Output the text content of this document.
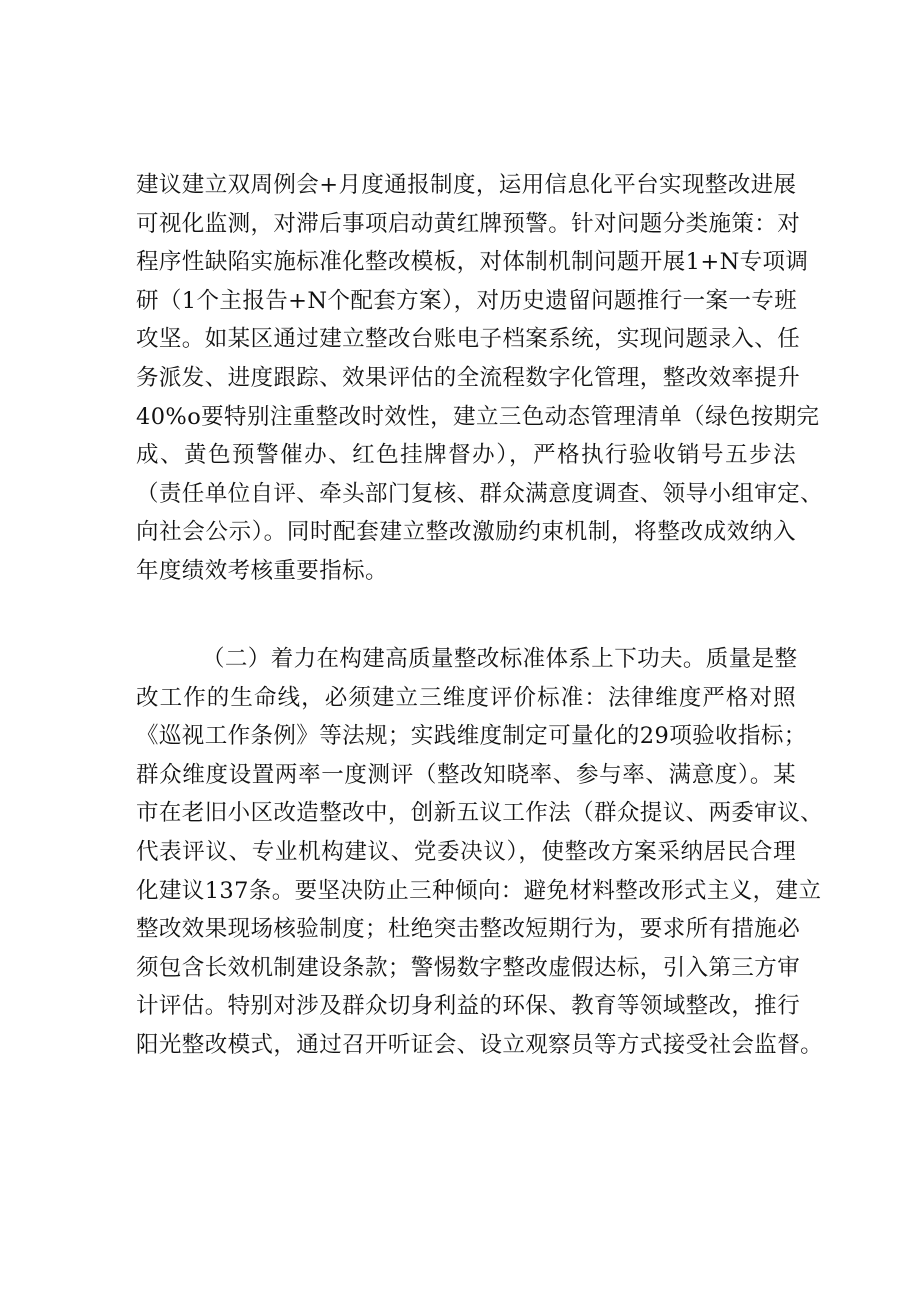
建议建立双周例会+月度通报制度，运用信息化平台实现整改进展
可视化监测，对滞后事项启动黄红牌预警。针对问题分类施策：对
程序性缺陷实施标准化整改模板，对体制机制问题开展1+N专项调
研（1个主报告+N个配套方案），对历史遗留问题推行一案一专班
攻坚。如某区通过建立整改台账电子档案系统，实现问题录入、任
务派发、进度跟踪、效果评估的全流程数字化管理，整改效率提升
40%o要特别注重整改时效性，建立三色动态管理清单（绿色按期完
成、黄色预警催办、红色挂牌督办），严格执行验收销号五步法
（责任单位自评、牵头部门复核、群众满意度调查、领导小组审定、
向社会公示）。同时配套建立整改激励约束机制，将整改成效纳入
年度绩效考核重要指标。
（二）着力在构建高质量整改标准体系上下功夫。质量是整
改工作的生命线，必须建立三维度评价标准：法律维度严格对照
《巡视工作条例》等法规；实践维度制定可量化的29项验收指标；
群众维度设置两率一度测评（整改知晓率、参与率、满意度）。某
市在老旧小区改造整改中，创新五议工作法（群众提议、两委审议、
代表评议、专业机构建议、党委决议），使整改方案采纳居民合理
化建议137条。要坚决防止三种倾向：避免材料整改形式主义，建立
整改效果现场核验制度；杜绝突击整改短期行为，要求所有措施必
须包含长效机制建设条款；警惕数字整改虚假达标，引入第三方审
计评估。特别对涉及群众切身利益的环保、教育等领域整改，推行
阳光整改模式，通过召开听证会、设立观察员等方式接受社会监督。
